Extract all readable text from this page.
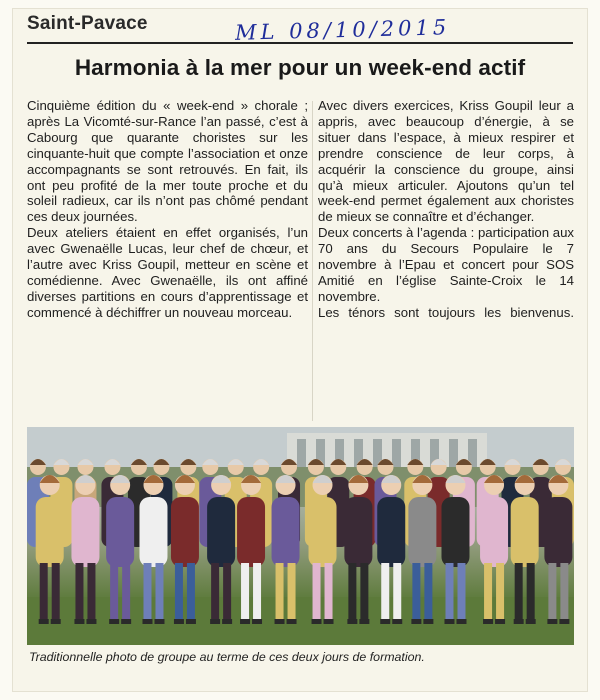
Saint-Pavace	ML 08/10/2015
Harmonia à la mer pour un week-end actif

Cinquième édition du « week-end » chorale ; après La Vicomté-sur-Rance l’an passé, c’est à Cabourg que quarante choristes sur les cinquante-huit que compte l’association et onze accompagnants se sont retrouvés. En fait, ils ont peu profité de la mer toute proche et du soleil radieux, car ils n’ont pas chômé pendant ces deux journées.

Deux ateliers étaient en effet organisés, l’un avec Gwenaëlle Lucas, leur chef de chœur, et l’autre avec Kriss Goupil, metteur en scène et comédienne. Avec Gwenaëlle, ils ont affiné diverses partitions en cours d’apprentissage et commencé à déchiffrer un nouveau morceau.

Avec divers exercices, Kriss Goupil leur a appris, avec beaucoup d’énergie, à se situer dans l’espace, à mieux respirer et prendre conscience de leur corps, à acquérir la conscience du groupe, ainsi qu’à mieux articuler. Ajoutons qu’un tel week-end permet également aux choristes de mieux se connaître et d’échanger.

Deux concerts à l’agenda : participation aux 70 ans du Secours Populaire le 7 novembre à l’Epau et concert pour SOS Amitié en l’église Sainte-Croix le 14 novembre.

Les ténors sont toujours les bienvenus.

Traditionnelle photo de groupe au terme de ces deux jours de formation.
